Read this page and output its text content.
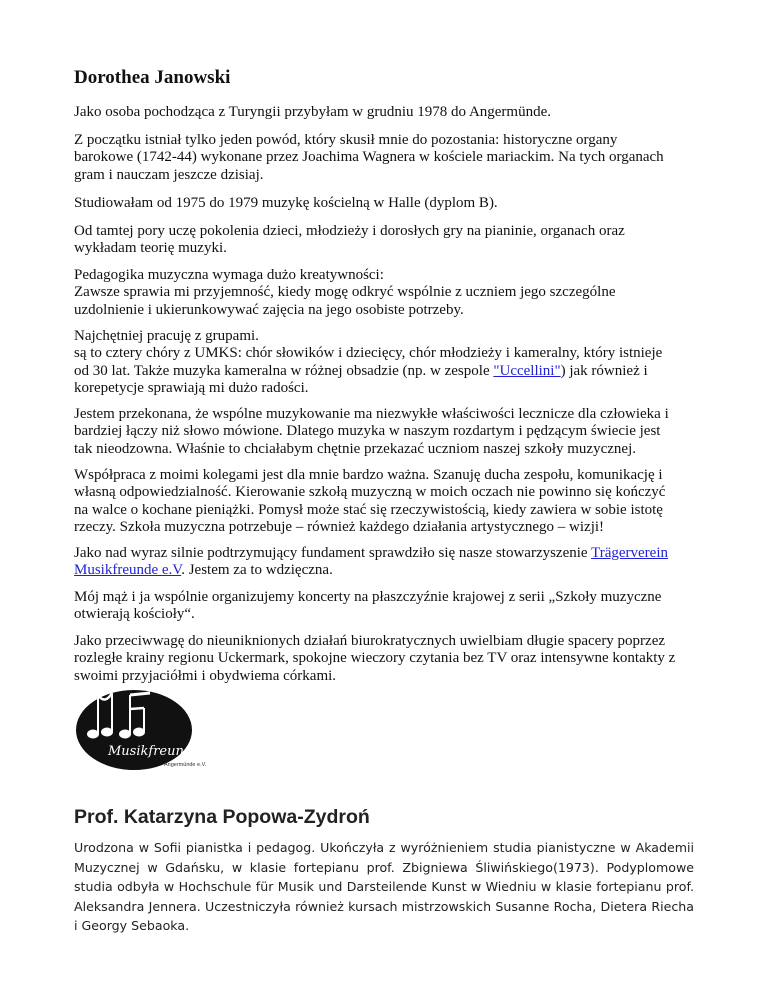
Dorothea Janowski

Jako osoba pochodząca z Turyngii przybyłam w grudniu 1978 do Angermünde.

Z początku istniał tylko jeden powód, który skusił mnie do pozostania: historyczne organy
barokowe (1742-44) wykonane przez Joachima Wagnera w kościele mariackim. Na tych organach
gram i nauczam jeszcze dzisiaj.

Studiowałam od 1975 do 1979 muzykę kościelną w Halle (dyplom B).

Od tamtej pory uczę pokolenia dzieci, młodzieży i dorosłych gry na pianinie, organach oraz
wykładam teorię muzyki.

Pedagogika muzyczna wymaga dużo kreatywności:
Zawsze sprawia mi przyjemność, kiedy mogę odkryć wspólnie z uczniem jego szczególne
uzdolnienie i ukierunkowywać zajęcia na jego osobiste potrzeby.

Najchętniej pracuję z grupami.
są to cztery chóry z UMKS: chór słowików i dziecięcy, chór młodzieży i kameralny, który istnieje
od 30 lat. Także muzyka kameralna w różnej obsadzie (np. w zespole "Uccellini") jak również i
korepetycje sprawiają mi dużo radości.

Jestem przekonana, że wspólne muzykowanie ma niezwykłe właściwości lecznicze dla człowieka i
bardziej łączy niż słowo mówione. Dlatego muzyka w naszym rozdartym i pędzącym świecie jest
tak nieodzowna. Właśnie to chciałabym chętnie przekazać uczniom naszej szkoły muzycznej.

Współpraca z moimi kolegami jest dla mnie bardzo ważna. Szanuję ducha zespołu, komunikację i
własną odpowiedzialność. Kierowanie szkołą muzyczną w moich oczach nie powinno się kończyć
na walce o kochane pieniążki. Pomysł może stać się rzeczywistością, kiedy zawiera w sobie istotę
rzeczy. Szkoła muzyczna potrzebuje – również każdego działania artystycznego – wizji!

Jako nad wyraz silnie podtrzymujący fundament sprawdziło się nasze stowarzyszenie Trägerverein
Musikfreunde e.V. Jestem za to wdzięczna.

Mój mąż i ja wspólnie organizujemy koncerty na płaszczyźnie krajowej z serii „Szkoły muzyczne
otwierają kościoły“.

Jako przeciwwagę do nieuniknionych działań biurokratycznych uwielbiam długie spacery poprzez
rozległe krainy regionu Uckermark, spokojne wieczory czytania bez TV oraz intensywne kontakty z
swoimi przyjaciółmi i obydwiema córkami.

Musikfreunde
Angermünde e.V.
Prof. Katarzyna Popowa-Zydroń

Urodzona w Sofii pianistka i pedagog. Ukończyła z wyróżnieniem studia pianistyczne w Akademii Muzycznej w Gdańsku, w klasie fortepianu prof. Zbigniewa Śliwińskiego(1973). Podyplomowe studia odbyła w Hochschule für Musik und Darsteilende Kunst w Wiedniu w klasie fortepianu prof. Aleksandra Jennera. Uczestniczyła również kursach mistrzowskich Susanne Rocha, Dietera Riecha i Georgy Sebaoka.
